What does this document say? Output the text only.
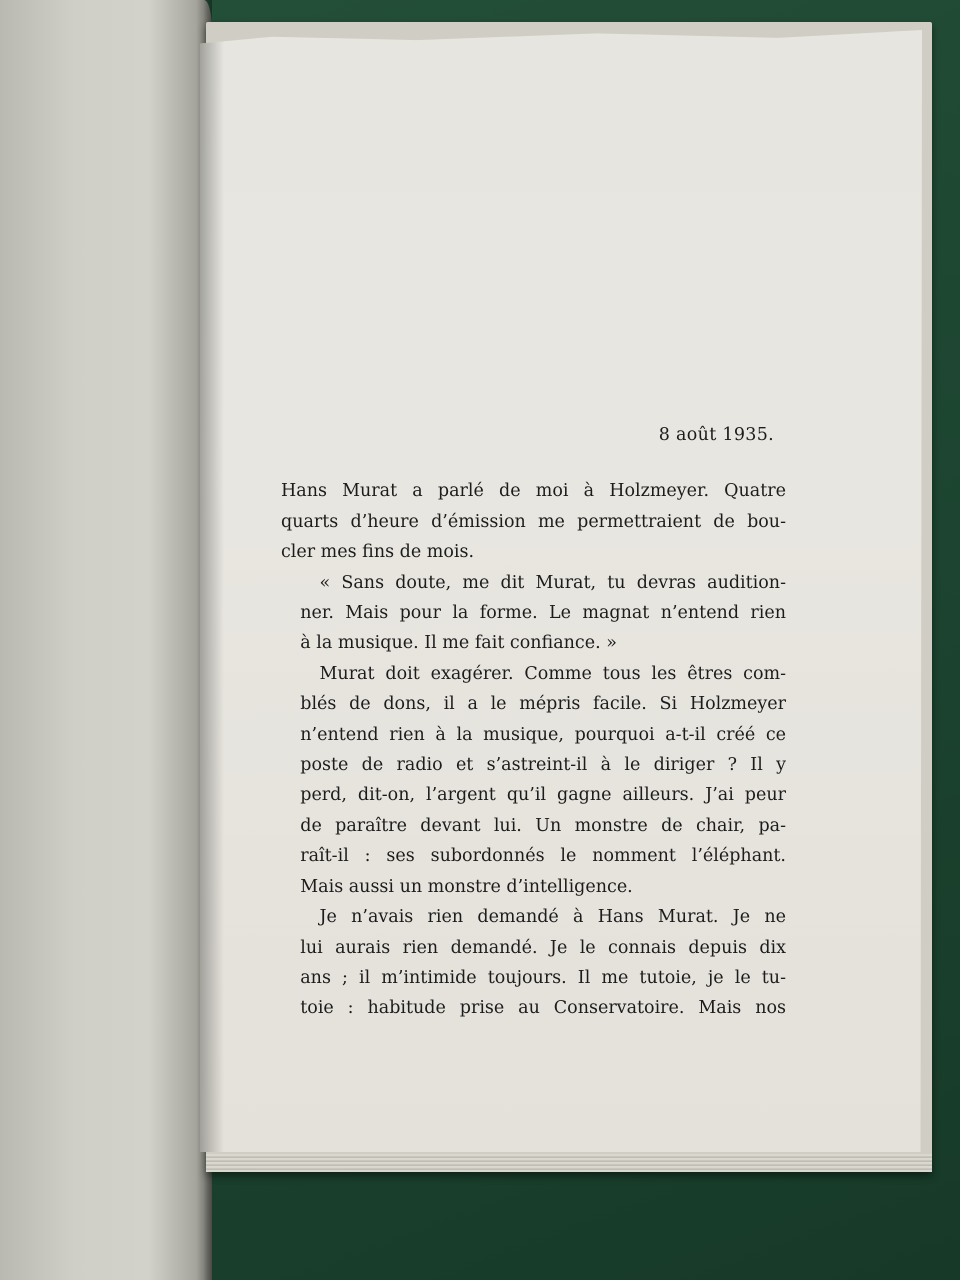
8 août 1935.

Hans Murat a parlé de moi à Holzmeyer. Quatre
quarts d’heure d’émission me permettraient de bou-
cler mes fins de mois.

« Sans doute, me dit Murat, tu devras audition-
ner. Mais pour la forme. Le magnat n’entend rien
à la musique. Il me fait confiance. »

Murat doit exagérer. Comme tous les êtres com-
blés de dons, il a le mépris facile. Si Holzmeyer
n’entend rien à la musique, pourquoi a-t-il créé ce
poste de radio et s’astreint-il à le diriger ? Il y
perd, dit-on, l’argent qu’il gagne ailleurs. J’ai peur
de paraître devant lui. Un monstre de chair, pa-
raît-il : ses subordonnés le nomment l’éléphant.
Mais aussi un monstre d’intelligence.

Je n’avais rien demandé à Hans Murat. Je ne
lui aurais rien demandé. Je le connais depuis dix
ans ; il m’intimide toujours. Il me tutoie, je le tu-
toie : habitude prise au Conservatoire. Mais nos
